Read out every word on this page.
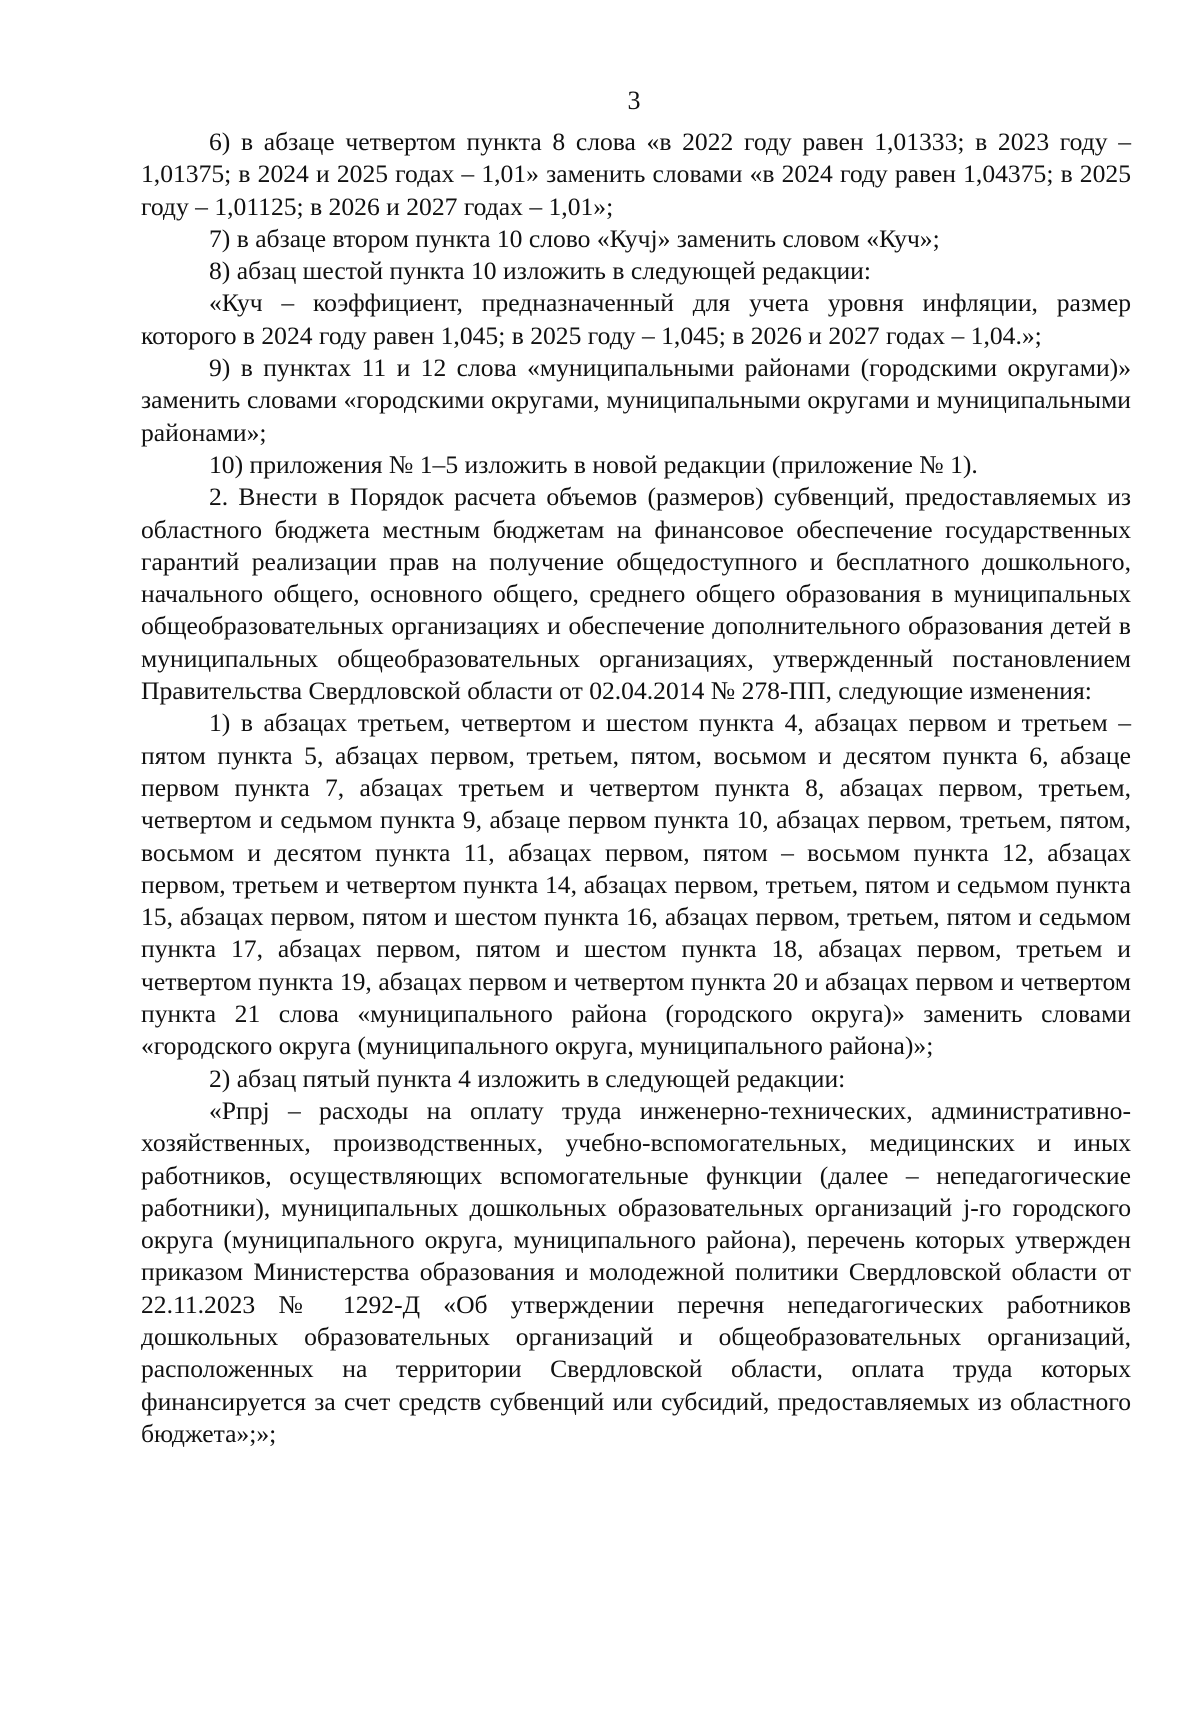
3

6) в абзаце четвертом пункта 8 слова «в 2022 году равен 1,01333; в 2023 году – 1,01375; в 2024 и 2025 годах – 1,01» заменить словами «в 2024 году равен 1,04375; в 2025 году – 1,01125; в 2026 и 2027 годах – 1,01»;

7) в абзаце втором пункта 10 слово «Кучj» заменить словом «Куч»;

8) абзац шестой пункта 10 изложить в следующей редакции:

«Куч – коэффициент, предназначенный для учета уровня инфляции, размер которого в 2024 году равен 1,045; в 2025 году – 1,045; в 2026 и 2027 годах – 1,04.»;

9) в пунктах 11 и 12 слова «муниципальными районами (городскими округами)» заменить словами «городскими округами, муниципальными округами и муниципальными районами»;

10) приложения № 1–5 изложить в новой редакции (приложение № 1).

2. Внести в Порядок расчета объемов (размеров) субвенций, предоставляемых из областного бюджета местным бюджетам на финансовое обеспечение государственных гарантий реализации прав на получение общедоступного и бесплатного дошкольного, начального общего, основного общего, среднего общего образования в муниципальных общеобразовательных организациях и обеспечение дополнительного образования детей в муниципальных общеобразовательных организациях, утвержденный постановлением Правительства Свердловской области от 02.04.2014 № 278-ПП, следующие изменения:

1) в абзацах третьем, четвертом и шестом пункта 4, абзацах первом и третьем – пятом пункта 5, абзацах первом, третьем, пятом, восьмом и десятом пункта 6, абзаце первом пункта 7, абзацах третьем и четвертом пункта 8, абзацах первом, третьем, четвертом и седьмом пункта 9, абзаце первом пункта 10, абзацах первом, третьем, пятом, восьмом и десятом пункта 11, абзацах первом, пятом – восьмом пункта 12, абзацах первом, третьем и четвертом пункта 14, абзацах первом, третьем, пятом и седьмом пункта 15, абзацах первом, пятом и шестом пункта 16, абзацах первом, третьем, пятом и седьмом пункта 17, абзацах первом, пятом и шестом пункта 18, абзацах первом, третьем и четвертом пункта 19, абзацах первом и четвертом пункта 20 и абзацах первом и четвертом пункта 21 слова «муниципального района (городского округа)» заменить словами «городского округа (муниципального округа, муниципального района)»;

2) абзац пятый пункта 4 изложить в следующей редакции:

«Рпрj – расходы на оплату труда инженерно-технических, административно-хозяйственных, производственных, учебно-вспомогательных, медицинских и иных работников, осуществляющих вспомогательные функции (далее – непедагогические работники), муниципальных дошкольных образовательных организаций j-го городского округа (муниципального округа, муниципального района), перечень которых утвержден приказом Министерства образования и молодежной политики Свердловской области от 22.11.2023 № 1292-Д «Об утверждении перечня непедагогических работников дошкольных образовательных организаций и общеобразовательных организаций, расположенных на территории Свердловской области, оплата труда которых финансируется за счет средств субвенций или субсидий, предоставляемых из областного бюджета»;»;
